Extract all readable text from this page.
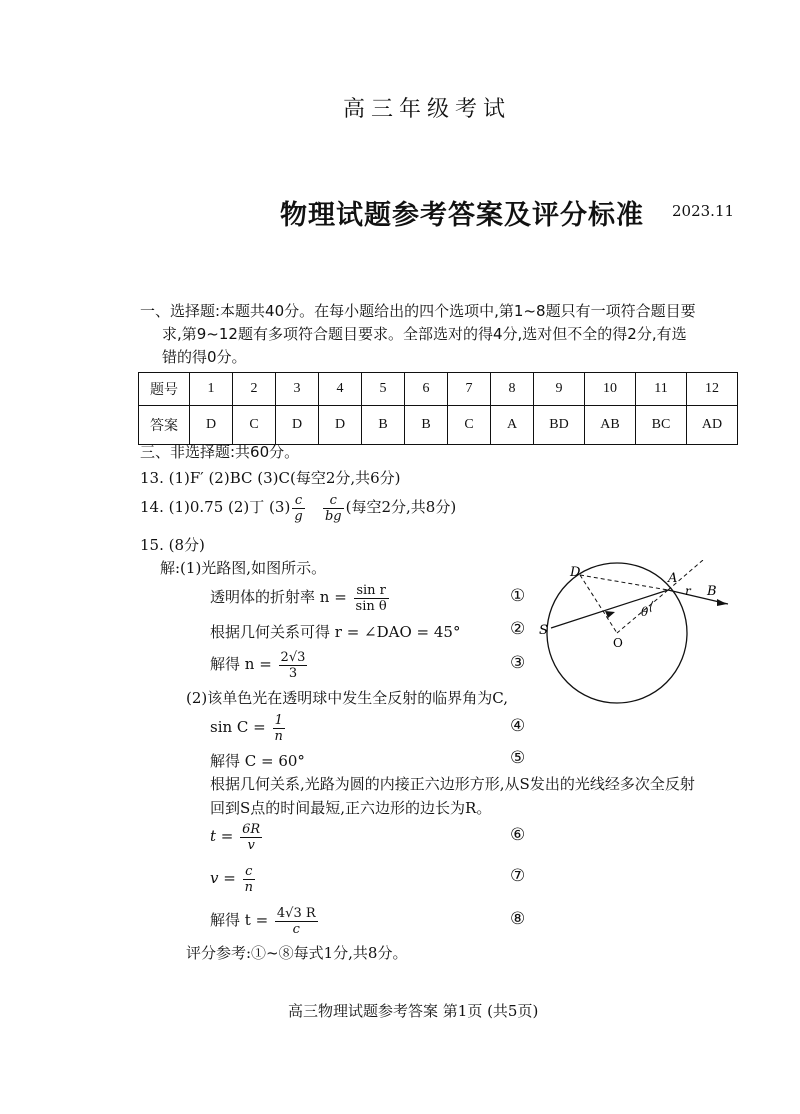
高三年级考试
物理试题参考答案及评分标准 2023.11

一、选择题:本题共40分。在每小题给出的四个选项中,第1~8题只有一项符合题目要

求,第9~12题有多项符合题目要求。全部选对的得4分,选对但不全的得2分,有选

错的得0分。

题号	1	2	3	4	5	6	7	8	9	10	11	12
答案	D	C	D	D	B	B	C	A	BD	AB	BC	AD
三、非选择题:共60分。
13. (1)F′ (2)BC (3)C(每空2分,共6分)
14. (1)0.75 (2)丁 $(3) \frac{c}{g}$
$\frac{c}{bg}$ (每空2分,共8分)
15. (8分)
解:(1)光路图,如图所示。
透明体的折射率 $n = \frac{\text{sin r}}{\text{sin θ}}$	①
根据几何关系可得 r = ∠DAO = 45°	②
解得 $n = \frac{2√3}{3}$	③
(2)该单色光在透明球中发生全反射的临界角为C,
$\sin C = \frac{1}{n}$	④
解得 C = 60°	⑤
根据几何关系,光路为圆的内接正六边形方形,从S发出的光线经多次全反射
回到S点的时间最短,正六边形的边长为R。
$t = \frac{6R}{v}$	⑥
$v = \frac{c}{n}$	⑦
解得 $t = \frac{4√3 R}{c}$	⑧
评分参考:①~⑧每式1分,共8分。
D	A
B
S
O
r
θ
高三物理试题参考答案 第1页 (共5页)
